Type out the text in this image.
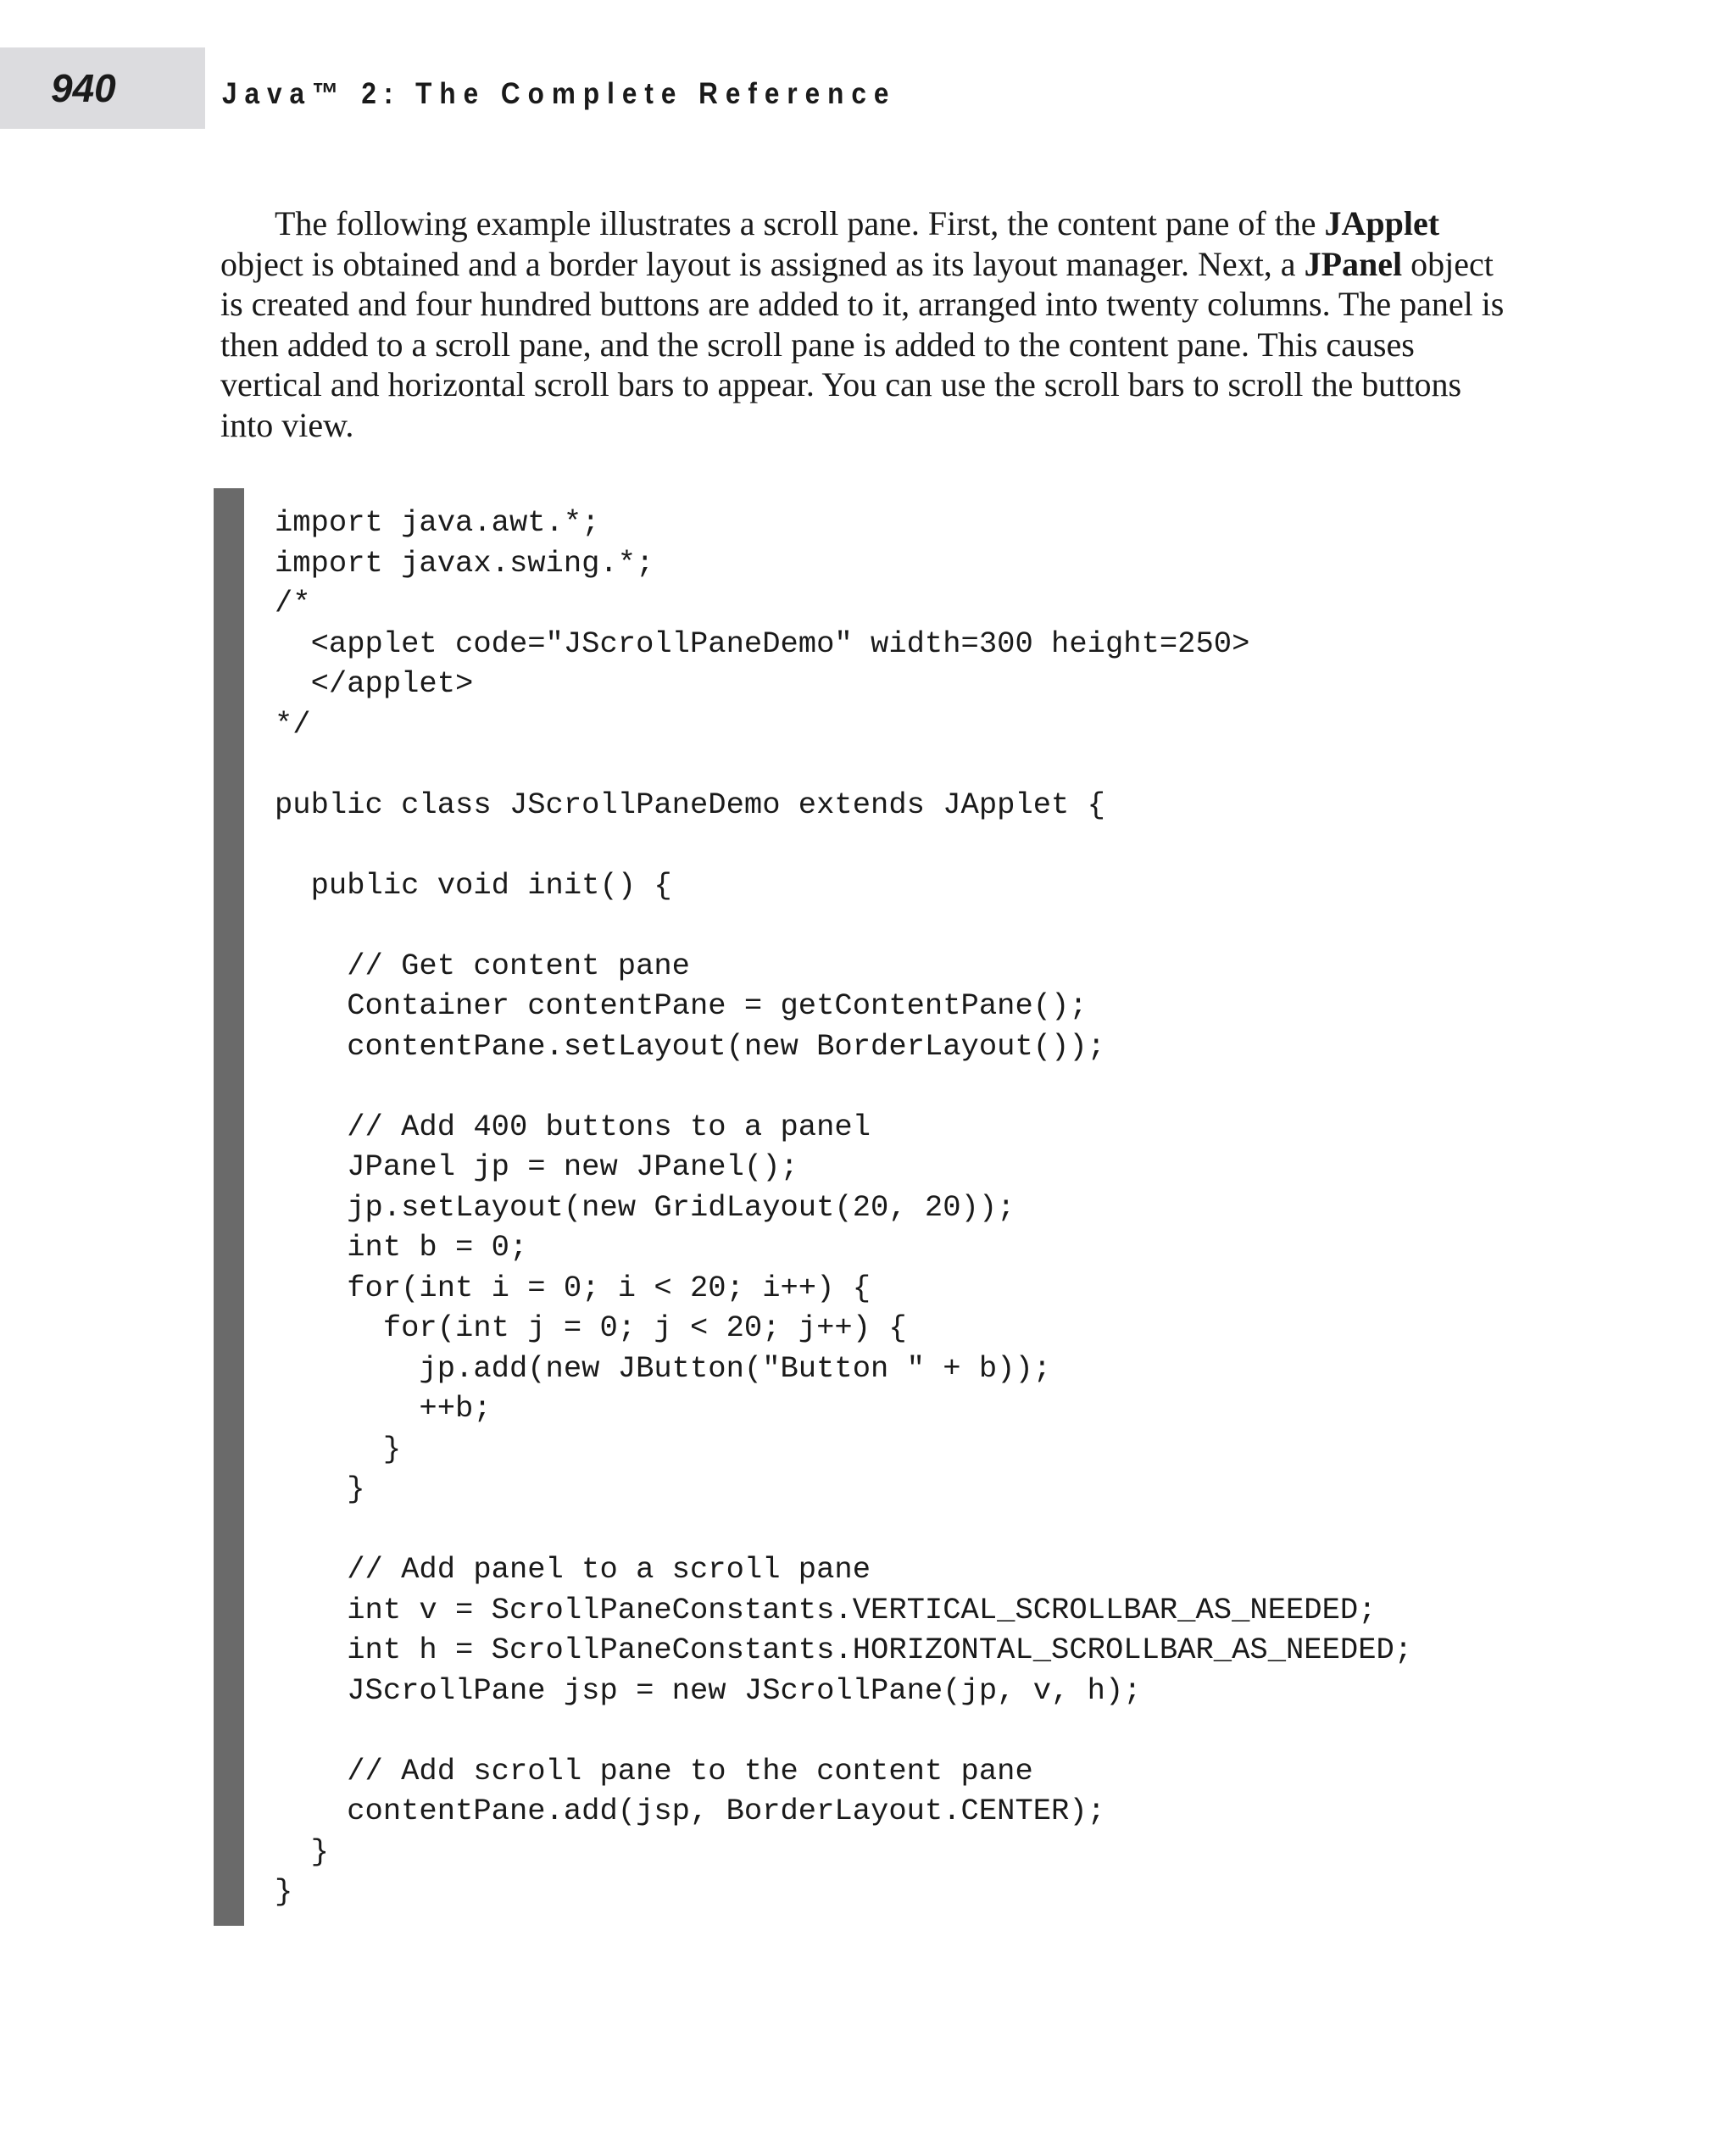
940	Java™ 2: The Complete Reference

The following example illustrates a scroll pane. First, the content pane of the JApplet object is obtained and a border layout is assigned as its layout manager. Next, a JPanel object is created and four hundred buttons are added to it, arranged into twenty columns. The panel is then added to a scroll pane, and the scroll pane is added to the content pane. This causes vertical and horizontal scroll bars to appear. You can use the scroll bars to scroll the buttons into view.

import java.awt.*;
import javax.swing.*;
/*
<applet code="JScrollPaneDemo" width=300 height=250>
</applet>
*/
public class JScrollPaneDemo extends JApplet {
public void init() {
// Get content pane
Container contentPane = getContentPane();
contentPane.setLayout(new BorderLayout());
// Add 400 buttons to a panel
JPanel jp = new JPanel();
jp.setLayout(new GridLayout(20, 20));
int b = 0;
for(int i = 0; i < 20; i++) {
for(int j = 0; j < 20; j++) {
jp.add(new JButton("Button " + b));
++b;
}
}
// Add panel to a scroll pane
int v = ScrollPaneConstants.VERTICAL_SCROLLBAR_AS_NEEDED;
int h = ScrollPaneConstants.HORIZONTAL_SCROLLBAR_AS_NEEDED;
JScrollPane jsp = new JScrollPane(jp, v, h);
// Add scroll pane to the content pane
contentPane.add(jsp, BorderLayout.CENTER);
}
}
